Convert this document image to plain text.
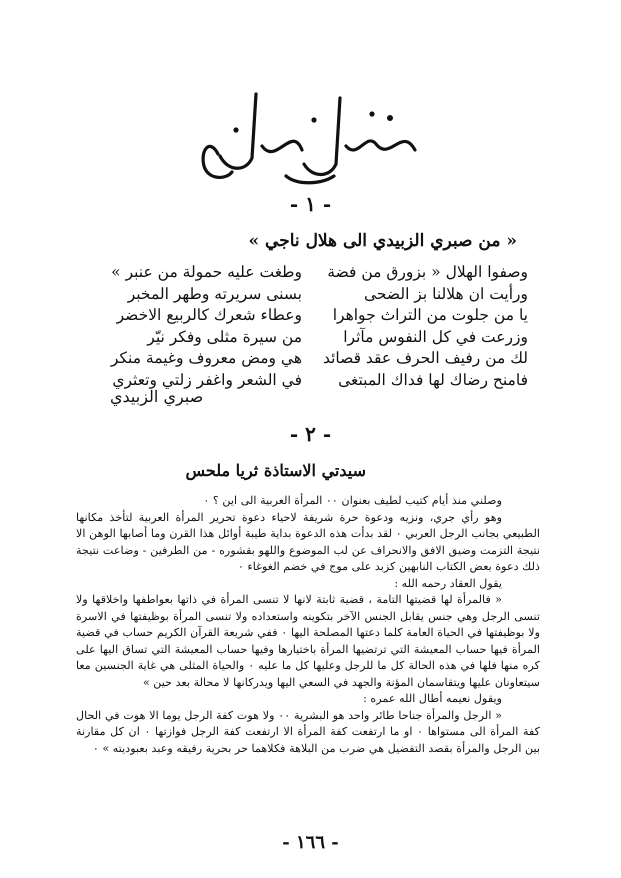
من القراء واليهم
- ١ -
« من صبري الزبيدي الى هلال ناجي »
وصفوا الهلال « بزورق من فضة
وطغت عليه حمولة من عنبر »
ورأيت ان هلالنا بز الضحى
بسنى سريرته وطهر المخبر
يا من جلوت من التراث جواهرا
وعطاء شعرك كالربيع الاخضر
وزرعت في كل النفوس مآثرا
من سيرة مثلى وفكر نيّر
لك من رفيف الحرف عقد قصائد
هي ومض معروف وغيمة منكر
فامنح رضاك لها فداك المبتغى
في الشعر واغفر زلتي وتعثري
صبري الزبيدي
- ٢ -
سيدتي الاستاذة ثريا ملحس

وصلني منذ أيام كتيب لطيف بعنوان ٠٠ المرأة العربية الى اين ؟ ٠

وهو رأي جري، ونزيه ودعوة حرة شريفة لاحياء دعوة تحرير المرأة العربية لتأخذ مكانها الطبيعي بجانب الرجل العربي ٠ لقد بدأت هذه الدعوة بداية طيبة أوائل هذا القرن وما أصابها الوهن الا نتيجة التزمت وضيق الافق والانحراف عن لب الموضوع واللهو بقشوره - من الطرفين - وضاعت نتيجة ذلك دعوة بعض الكتاب النابهين كزبد على موج في خضم الغوغاء ٠

يقول العقاد رحمه الله :

« فالمرأة لها قضيتها التامة ، قضية ثابتة لانها لا تنسى المرأة في ذاتها بعواطفها واخلاقها ولا تنسى الرجل وهي جنس يقابل الجنس الآخر بتكوينه واستعداده ولا تنسى المرأة بوظيفتها في الاسرة ولا بوظيفتها في الحياة العامة كلما دعتها المصلحة اليها ٠ ففي شريعة القرآن الكريم حساب في قضية المرأة فيها حساب المعيشة التي ترتضيها المرأة باختيارها وفيها حساب المعيشة التي تساق اليها على كره منها فلها في هذه الحالة كل ما للرجل وعليها كل ما عليه ٠ والحياة المثلى هي غاية الجنسين معا سيتعاونان عليها ويتقاسمان المؤنة والجهد في السعي اليها ويدركانها لا محالة بعد حين »

ويقول نعيمه أطال الله عمره :

« الرجل والمرأة جناحا طائر واحد هو البشرية ٠٠ ولا هوت كفة الرجل يوما الا هوت في الحال كفة المرأة الى مستواها ٠ او ما ارتفعت كفة المرأة الا ارتفعت كفة الرجل فوازتها ٠ ان كل مقارنة بين الرجل والمرأة بقصد التفضيل هي ضرب من البلاهة فكلاهما حر بحرية رفيقه وعبد بعبوديته » ٠

- ١٦٦ -
